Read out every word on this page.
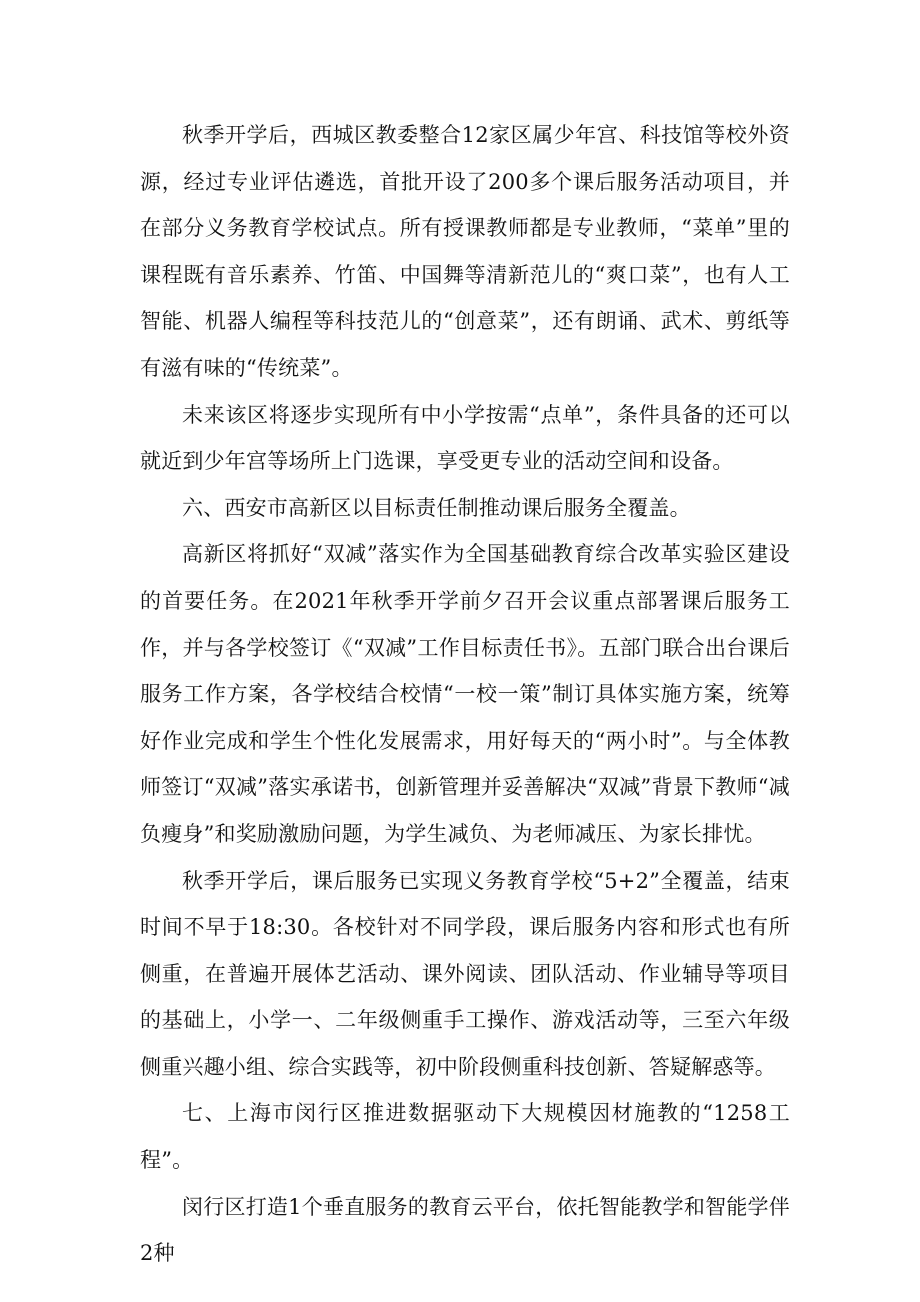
秋季开学后，西城区教委整合12家区属少年宫、科技馆等校外资源，经过专业评估遴选，首批开设了200多个课后服务活动项目，并在部分义务教育学校试点。所有授课教师都是专业教师，“菜单”里的课程既有音乐素养、竹笛、中国舞等清新范儿的“爽口菜”，也有人工智能、机器人编程等科技范儿的“创意菜”，还有朗诵、武术、剪纸等有滋有味的“传统菜”。

未来该区将逐步实现所有中小学按需“点单”，条件具备的还可以就近到少年宫等场所上门选课，享受更专业的活动空间和设备。

六、西安市高新区以目标责任制推动课后服务全覆盖。

高新区将抓好“双减”落实作为全国基础教育综合改革实验区建设的首要任务。在2021年秋季开学前夕召开会议重点部署课后服务工作，并与各学校签订《“双减”工作目标责任书》。五部门联合出台课后服务工作方案，各学校结合校情“一校一策”制订具体实施方案，统筹好作业完成和学生个性化发展需求，用好每天的“两小时”。与全体教师签订“双减”落实承诺书，创新管理并妥善解决“双减”背景下教师“减负瘦身”和奖励激励问题，为学生减负、为老师减压、为家长排忧。

秋季开学后，课后服务已实现义务教育学校“5+2”全覆盖，结束时间不早于18:30。各校针对不同学段，课后服务内容和形式也有所侧重，在普遍开展体艺活动、课外阅读、团队活动、作业辅导等项目的基础上，小学一、二年级侧重手工操作、游戏活动等，三至六年级侧重兴趣小组、综合实践等，初中阶段侧重科技创新、答疑解惑等。

七、上海市闵行区推进数据驱动下大规模因材施教的“1258工程”。

闵行区打造1个垂直服务的教育云平台，依托智能教学和智能学伴2种
